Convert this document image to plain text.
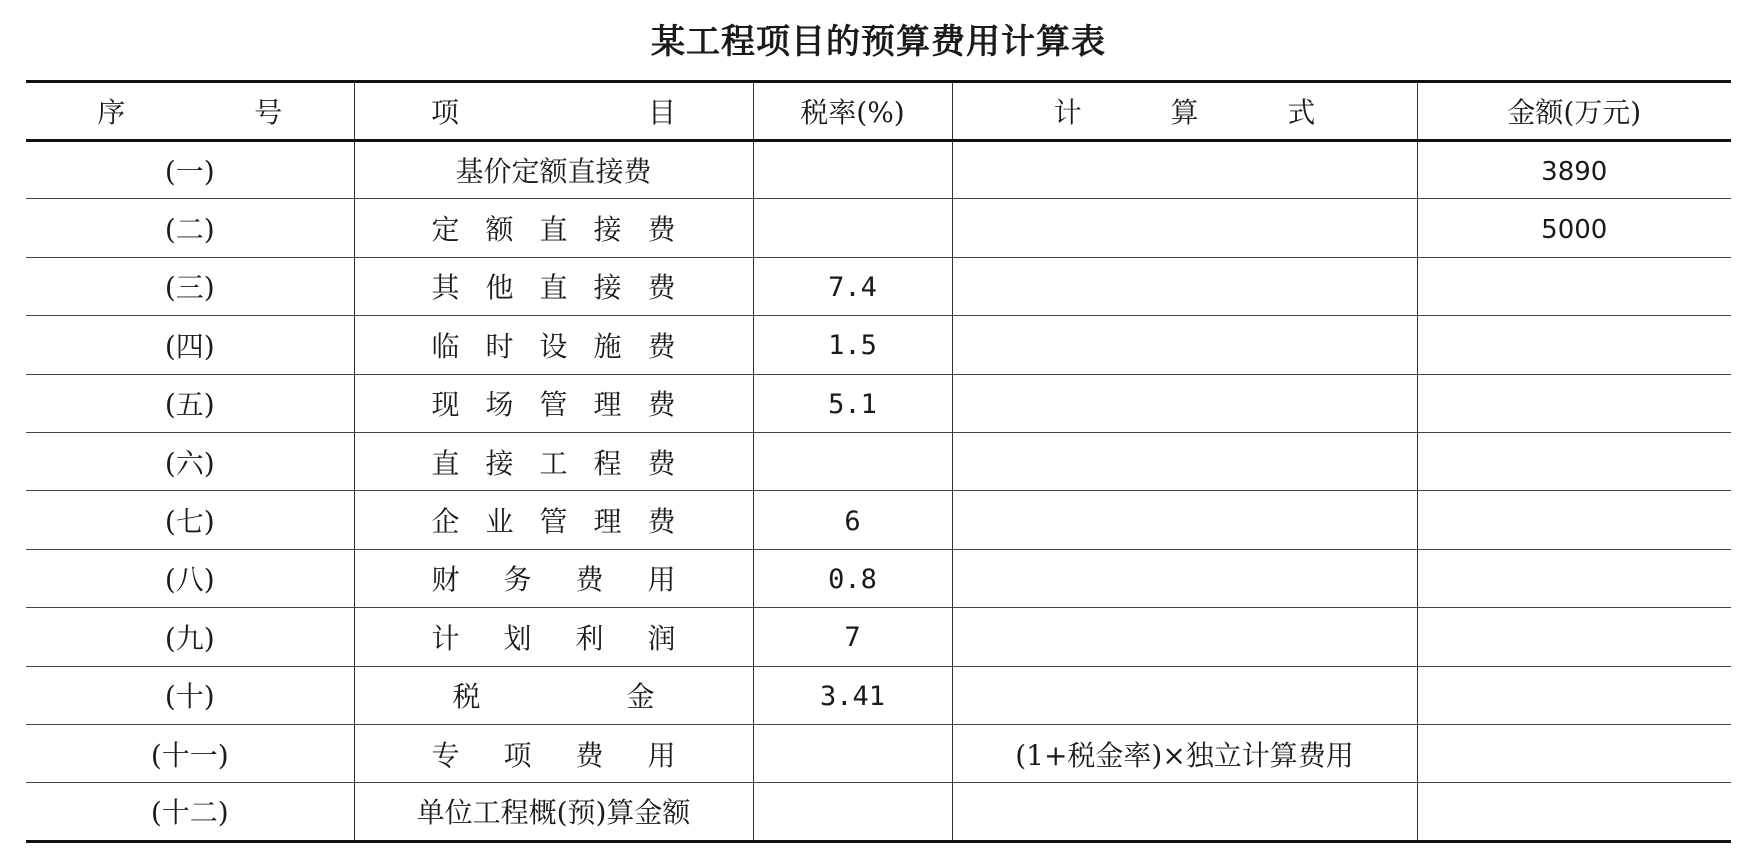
某工程项目的预算费用计算表
序 号	项 目	税率(%)	计 算 式	金额(万元)
(一)	基价定额直接费			3890
(二)	定额直接费			5000
(三)	其他直接费	7.4		
(四)	临时设施费	1.5		
(五)	现场管理费	5.1		
(六)	直接工程费			
(七)	企业管理费	6		
(八)	财务费用	0.8		
(九)	计划利润	7		
(十)	税金	3.41		
(十一)	专项费用		(1+税金率)×独立计算费用	
(十二)	单位工程概(预)算金额			
